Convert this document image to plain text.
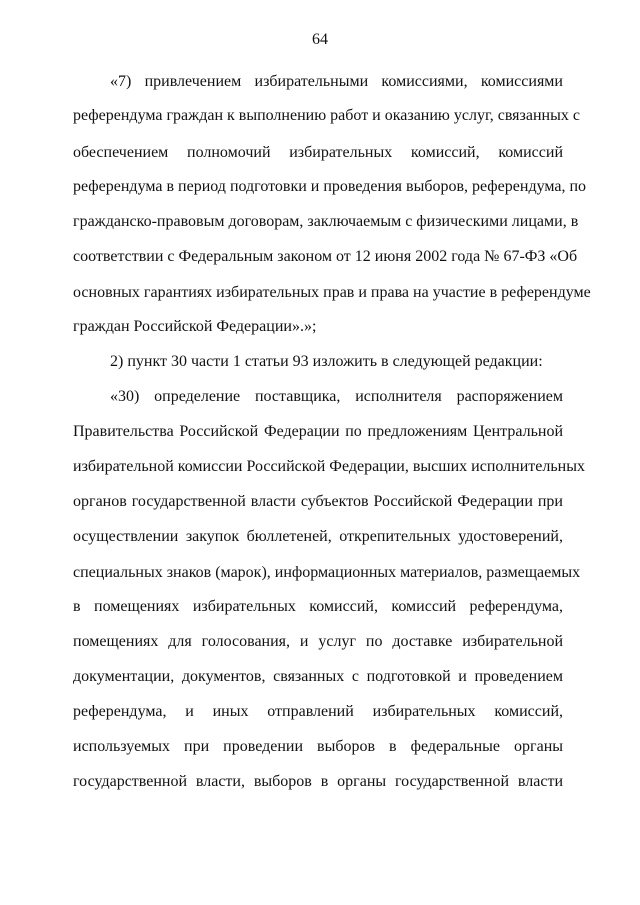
64
«7) привлечением избирательными комиссиями, комиссиями
референдума граждан к выполнению работ и оказанию услуг, связанных с
обеспечением полномочий избирательных комиссий, комиссий
референдума в период подготовки и проведения выборов, референдума, по
гражданско-правовым договорам, заключаемым с физическими лицами, в
соответствии с Федеральным законом от 12 июня 2002 года № 67-ФЗ «Об
основных гарантиях избирательных прав и права на участие в референдуме
граждан Российской Федерации».»;
2) пункт 30 части 1 статьи 93 изложить в следующей редакции:
«30) определение поставщика, исполнителя распоряжением
Правительства Российской Федерации по предложениям Центральной
избирательной комиссии Российской Федерации, высших исполнительных
органов государственной власти субъектов Российской Федерации при
осуществлении закупок бюллетеней, открепительных удостоверений,
специальных знаков (марок), информационных материалов, размещаемых
в помещениях избирательных комиссий, комиссий референдума,
помещениях для голосования, и услуг по доставке избирательной
документации, документов, связанных с подготовкой и проведением
референдума, и иных отправлений избирательных комиссий,
используемых при проведении выборов в федеральные органы
государственной власти, выборов в органы государственной власти
